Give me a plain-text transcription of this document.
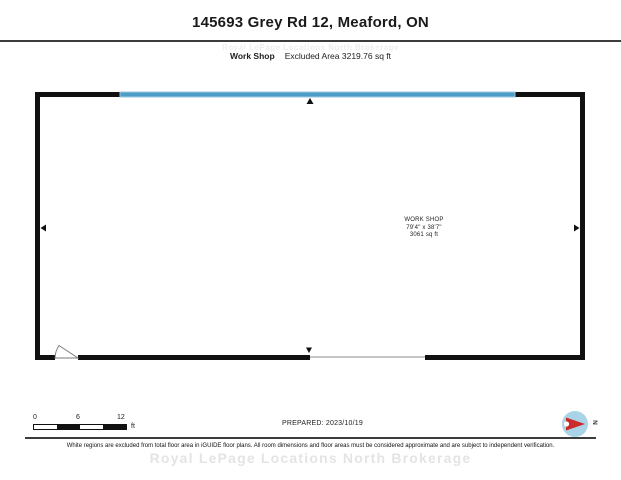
145693 Grey Rd 12, Meaford, ON
Royal LePage Locations North Brokerage
Work Shop Excluded Area 3219.76 sq ft
WORK SHOP
79'4" x 38'7"
3061 sq ft
0	6	12
ft	PREPARED: 2023/10/19	N
White regions are excluded from total floor area in iGUIDE floor plans. All room dimensions and floor areas must be considered approximate and are subject to independent verification.
Royal LePage Locations North Brokerage
